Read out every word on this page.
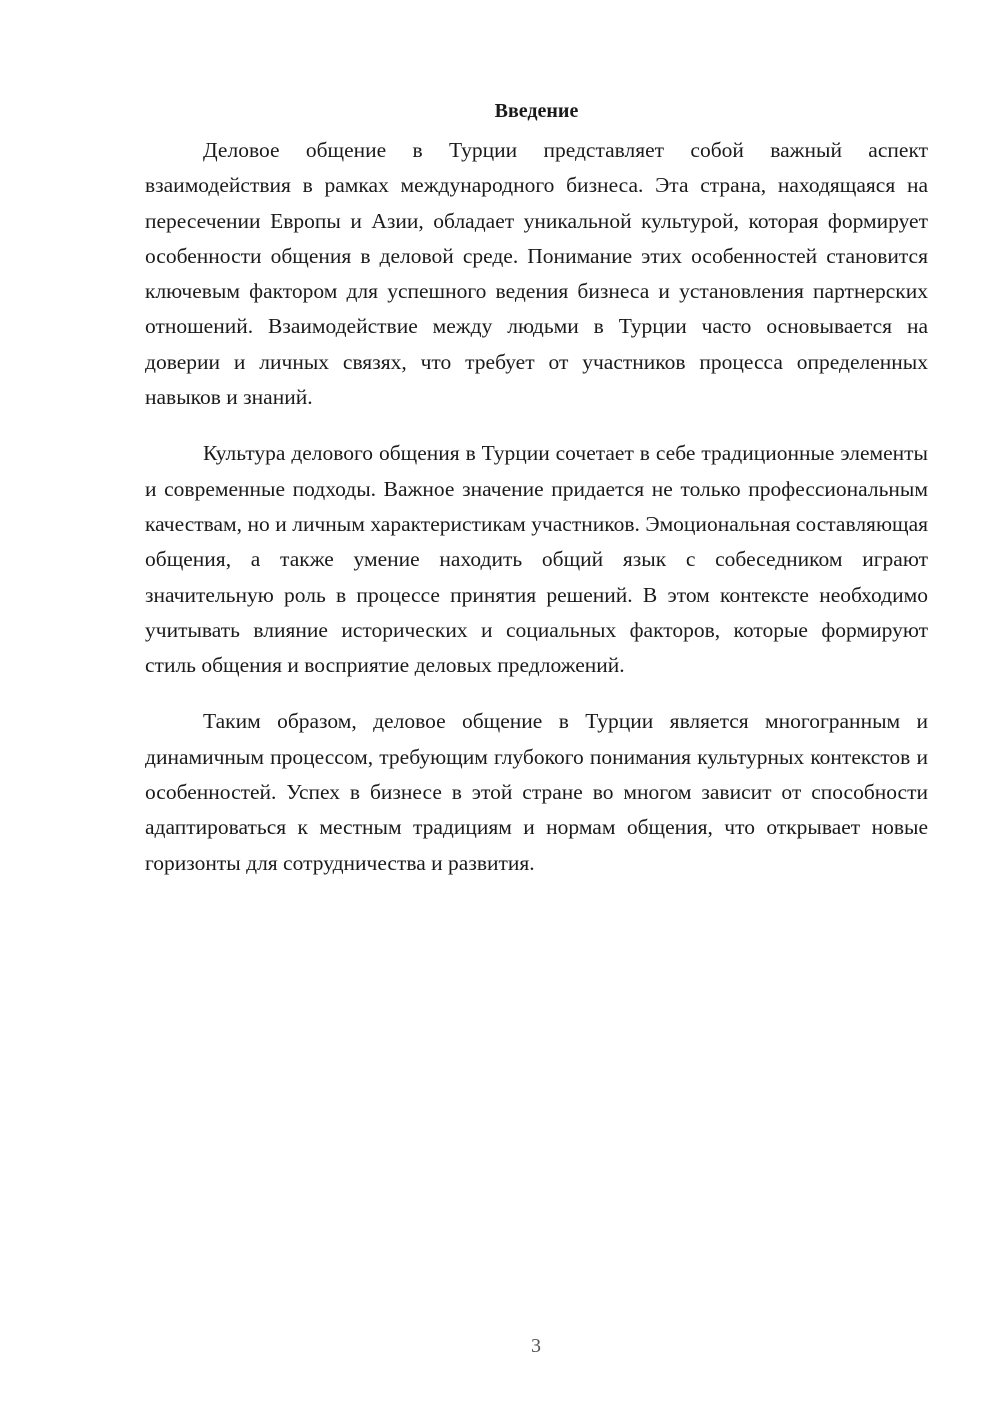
Введение

Деловое общение в Турции представляет собой важный аспект взаимодействия в рамках международного бизнеса. Эта страна, находящаяся на пересечении Европы и Азии, обладает уникальной культурой, которая формирует особенности общения в деловой среде. Понимание этих особенностей становится ключевым фактором для успешного ведения бизнеса и установления партнерских отношений. Взаимодействие между людьми в Турции часто основывается на доверии и личных связях, что требует от участников процесса определенных навыков и знаний.

Культура делового общения в Турции сочетает в себе традиционные элементы и современные подходы. Важное значение придается не только профессиональным качествам, но и личным характеристикам участников. Эмоциональная составляющая общения, а также умение находить общий язык с собеседником играют значительную роль в процессе принятия решений. В этом контексте необходимо учитывать влияние исторических и социальных факторов, которые формируют стиль общения и восприятие деловых предложений.

Таким образом, деловое общение в Турции является многогранным и динамичным процессом, требующим глубокого понимания культурных контекстов и особенностей. Успех в бизнесе в этой стране во многом зависит от способности адаптироваться к местным традициям и нормам общения, что открывает новые горизонты для сотрудничества и развития.

3
